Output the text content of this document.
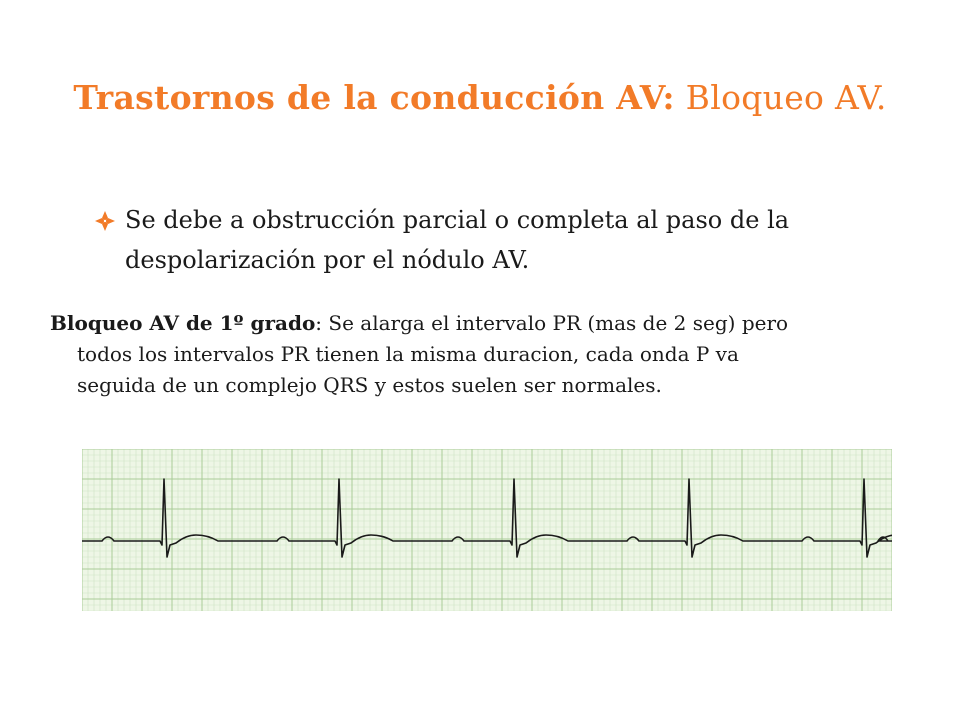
Trastornos de la conducción AV: Bloqueo AV.
Se debe a obstrucción parcial o completa al paso de la despolarización por el nódulo AV.
Bloqueo AV de 1º grado: Se alarga el intervalo PR (mas de 2 seg) pero
todos los intervalos PR tienen la misma duracion, cada onda P va
seguida de un complejo QRS y estos suelen ser normales.
